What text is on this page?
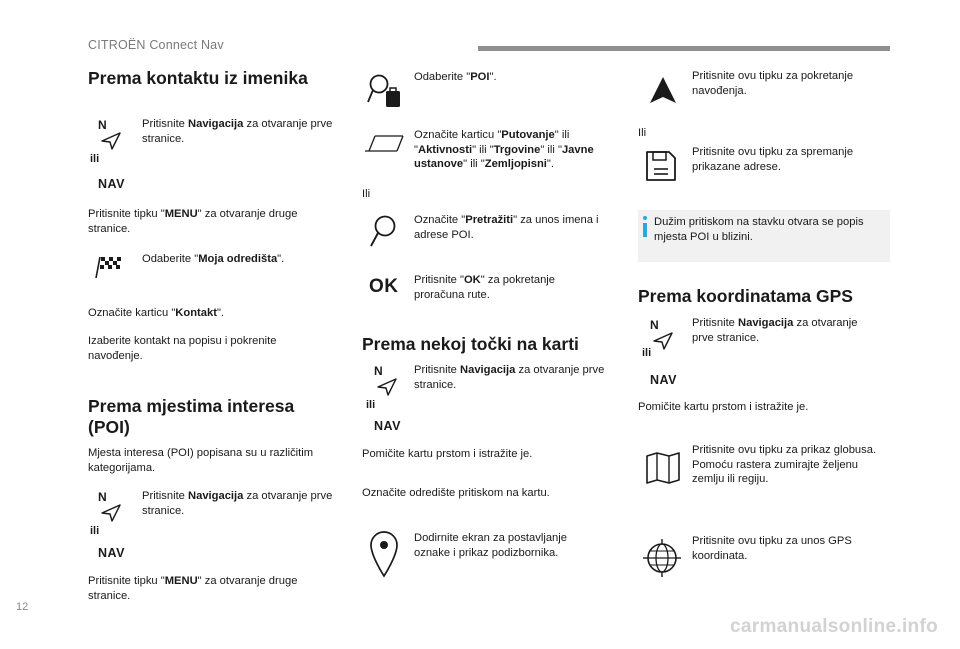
CITROËN Connect Nav
12
carmanualsonline.info
Prema kontaktu iz imenika
N
ili
NAV
Pritisnite Navigacija za otvaranje prve stranice.
Pritisnite tipku "MENU" za otvaranje druge stranice.
Odaberite "Moja odredišta".
Označite karticu "Kontakt".
Izaberite kontakt na popisu i pokrenite navođenje.
Prema mjestima interesa
(POI)
Mjesta interesa (POI) popisana su u različitim kategorijama.
N
ili
NAV
Pritisnite Navigacija za otvaranje prve stranice.
Pritisnite tipku "MENU" za otvaranje druge stranice.
Odaberite "POI".
Označite karticu "Putovanje" ili "Aktivnosti" ili "Trgovine" ili "Javne ustanove" ili "Zemljopisni".
Ili
Označite "Pretražiti" za unos imena i adrese POI.
OK Pritisnite "OK" za pokretanje proračuna rute.
Prema nekoj točki na karti
N
ili
NAV
Pritisnite Navigacija za otvaranje prve stranice.
Pomičite kartu prstom i istražite je.
Označite odredište pritiskom na kartu.
Dodirnite ekran za postavljanje oznake i prikaz podizbornika.
Pritisnite ovu tipku za pokretanje navođenja.
Ili
Pritisnite ovu tipku za spremanje prikazane adrese.
Dužim pritiskom na stavku otvara se popis mjesta POI u blizini.
Prema koordinatama GPS
N
ili
NAV
Pritisnite Navigacija za otvaranje prve stranice.
Pomičite kartu prstom i istražite je.
Pritisnite ovu tipku za prikaz globusa.
Pomoću rastera zumirajte željenu zemlju ili regiju.
Pritisnite ovu tipku za unos GPS koordinata.
